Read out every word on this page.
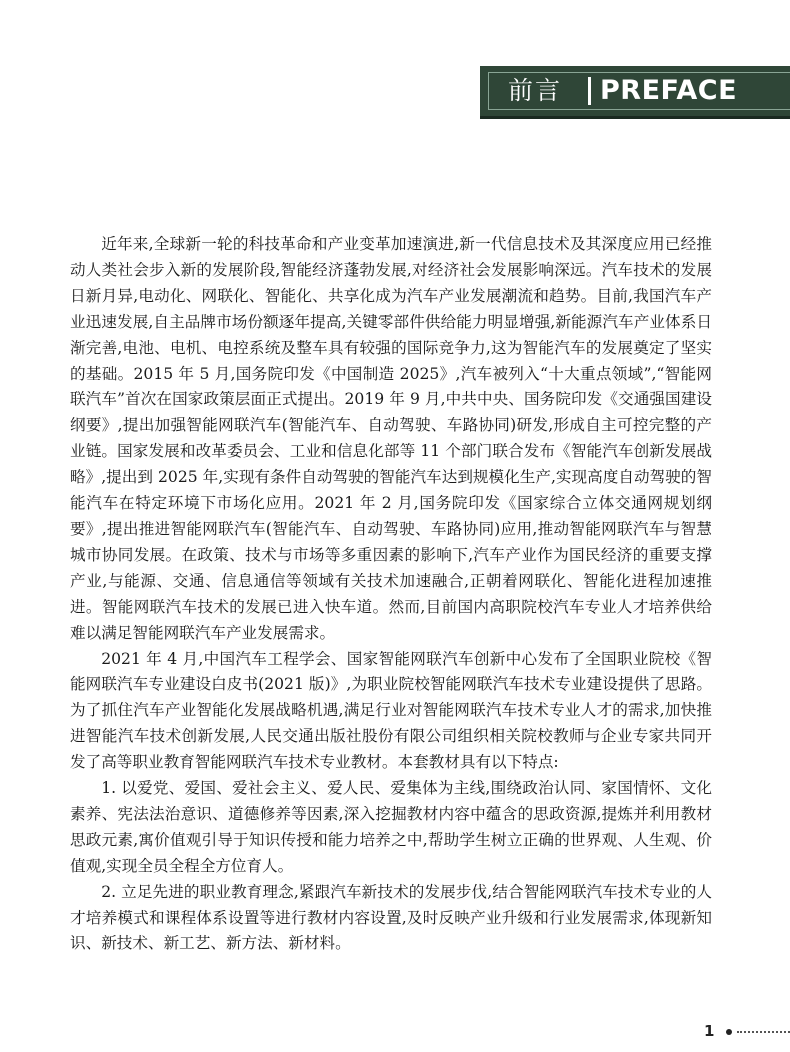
前言 PREFACE

近年来,全球新一轮的科技革命和产业变革加速演进,新一代信息技术及其深度应用已经推动人类社会步入新的发展阶段,智能经济蓬勃发展,对经济社会发展影响深远。汽车技术的发展日新月异,电动化、网联化、智能化、共享化成为汽车产业发展潮流和趋势。目前,我国汽车产业迅速发展,自主品牌市场份额逐年提高,关键零部件供给能力明显增强,新能源汽车产业体系日渐完善,电池、电机、电控系统及整车具有较强的国际竞争力,这为智能汽车的发展奠定了坚实的基础。2015 年 5 月,国务院印发《中国制造 2025》,汽车被列入“十大重点领域”,“智能网联汽车”首次在国家政策层面正式提出。2019 年 9 月,中共中央、国务院印发《交通强国建设纲要》,提出加强智能网联汽车(智能汽车、自动驾驶、车路协同)研发,形成自主可控完整的产业链。国家发展和改革委员会、工业和信息化部等 11 个部门联合发布《智能汽车创新发展战略》,提出到 2025 年,实现有条件自动驾驶的智能汽车达到规模化生产,实现高度自动驾驶的智能汽车在特定环境下市场化应用。2021 年 2 月,国务院印发《国家综合立体交通网规划纲要》,提出推进智能网联汽车(智能汽车、自动驾驶、车路协同)应用,推动智能网联汽车与智慧城市协同发展。在政策、技术与市场等多重因素的影响下,汽车产业作为国民经济的重要支撑产业,与能源、交通、信息通信等领域有关技术加速融合,正朝着网联化、智能化进程加速推进。智能网联汽车技术的发展已进入快车道。然而,目前国内高职院校汽车专业人才培养供给难以满足智能网联汽车产业发展需求。

2021 年 4 月,中国汽车工程学会、国家智能网联汽车创新中心发布了全国职业院校《智能网联汽车专业建设白皮书(2021 版)》,为职业院校智能网联汽车技术专业建设提供了思路。为了抓住汽车产业智能化发展战略机遇,满足行业对智能网联汽车技术专业人才的需求,加快推进智能汽车技术创新发展,人民交通出版社股份有限公司组织相关院校教师与企业专家共同开发了高等职业教育智能网联汽车技术专业教材。本套教材具有以下特点:

1. 以爱党、爱国、爱社会主义、爱人民、爱集体为主线,围绕政治认同、家国情怀、文化素养、宪法法治意识、道德修养等因素,深入挖掘教材内容中蕴含的思政资源,提炼并利用教材思政元素,寓价值观引导于知识传授和能力培养之中,帮助学生树立正确的世界观、人生观、价值观,实现全员全程全方位育人。

2. 立足先进的职业教育理念,紧跟汽车新技术的发展步伐,结合智能网联汽车技术专业的人才培养模式和课程体系设置等进行教材内容设置,及时反映产业升级和行业发展需求,体现新知识、新技术、新工艺、新方法、新材料。

1
